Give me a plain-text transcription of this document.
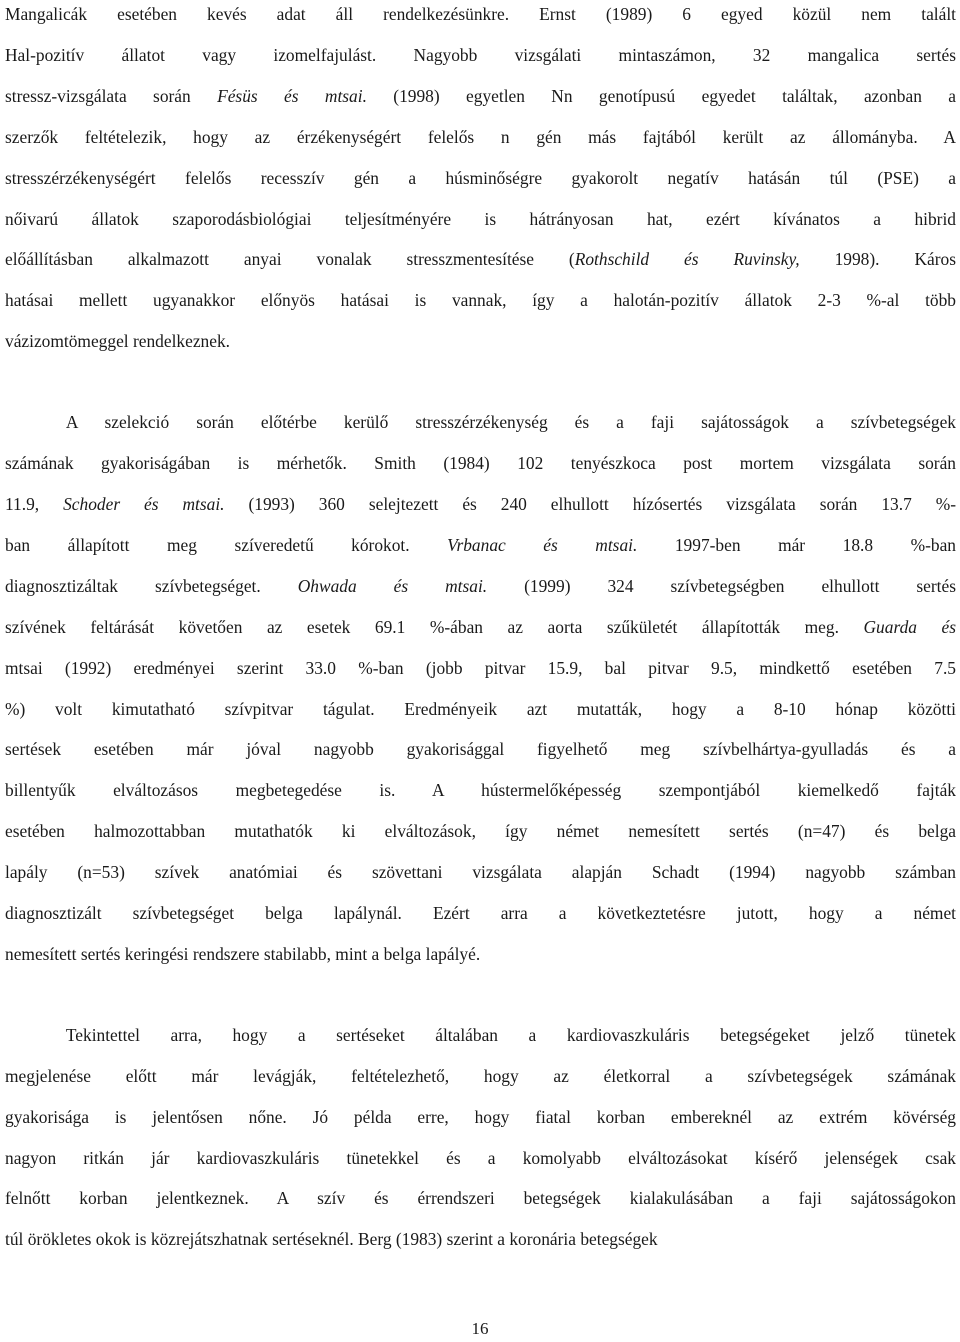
Mangalicák esetében kevés adat áll rendelkezésünkre. Ernst (1989) 6 egyed közül nem talált
Hal-pozitív állatot vagy izomelfajulást. Nagyobb vizsgálati mintaszámon, 32 mangalica sertés
stressz-vizsgálata során Fésüs és mtsai. (1998) egyetlen Nn genotípusú egyedet találtak, azonban a
szerzők feltételezik, hogy az érzékenységért felelős n gén más fajtából került az állományba. A
stresszérzékenységért felelős recesszív gén a húsminőségre gyakorolt negatív hatásán túl (PSE) a
nőivarú állatok szaporodásbiológiai teljesítményére is hátrányosan hat, ezért kívánatos a hibrid
előállításban alkalmazott anyai vonalak stresszmentesítése (Rothschild és Ruvinsky, 1998). Káros
hatásai mellett ugyanakkor előnyös hatásai is vannak, így a halotán-pozitív állatok 2-3 %-al több
vázizomtömeggel rendelkeznek.

    A szelekció során előtérbe kerülő stresszérzékenység és a faji sajátosságok a szívbetegségek
számának gyakoriságában is mérhetők. Smith (1984) 102 tenyészkoca post mortem vizsgálata során
11.9, Schoder és mtsai. (1993) 360 selejtezett és 240 elhullott hízósertés vizsgálata során 13.7 %-
ban állapított meg szíveredetű kórokot. Vrbanac és mtsai. 1997-ben már 18.8 %-ban
diagnosztizáltak szívbetegséget. Ohwada és mtsai. (1999) 324 szívbetegségben elhullott sertés
szívének feltárását követően az esetek 69.1 %-ában az aorta szűkületét állapították meg. Guarda és
mtsai (1992) eredményei szerint 33.0 %-ban (jobb pitvar 15.9, bal pitvar 9.5, mindkettő esetében 7.5
%) volt kimutatható szívpitvar tágulat. Eredményeik azt mutatták, hogy a 8-10 hónap közötti
sertések esetében már jóval nagyobb gyakorisággal figyelhető meg szívbelhártya-gyulladás és a
billentyűk elváltozásos megbetegedése is. A hústermelőképesség szempontjából kiemelkedő fajták
esetében halmozottabban mutathatók ki elváltozások, így német nemesített sertés (n=47) és belga
lapály (n=53) szívek anatómiai és szövettani vizsgálata alapján Schadt (1994) nagyobb számban
diagnosztizált szívbetegséget belga lapálynál. Ezért arra a következtetésre jutott, hogy a német
nemesített sertés keringési rendszere stabilabb, mint a belga lapályé.

    Tekintettel arra, hogy a sertéseket általában a kardiovaszkuláris betegségeket jelző tünetek
megjelenése előtt már levágják, feltételezhető, hogy az életkorral a szívbetegségek számának
gyakorisága is jelentősen nőne. Jó példa erre, hogy fiatal korban embereknél az extrém kövérség
nagyon ritkán jár kardiovaszkuláris tünetekkel és a komolyabb elváltozásokat kísérő jelenségek csak
felnőtt korban jelentkeznek. A szív és érrendszeri betegségek kialakulásában a faji sajátosságokon
túl örökletes okok is közrejátszhatnak sertéseknél. Berg (1983) szerint a koronária betegségek

16
